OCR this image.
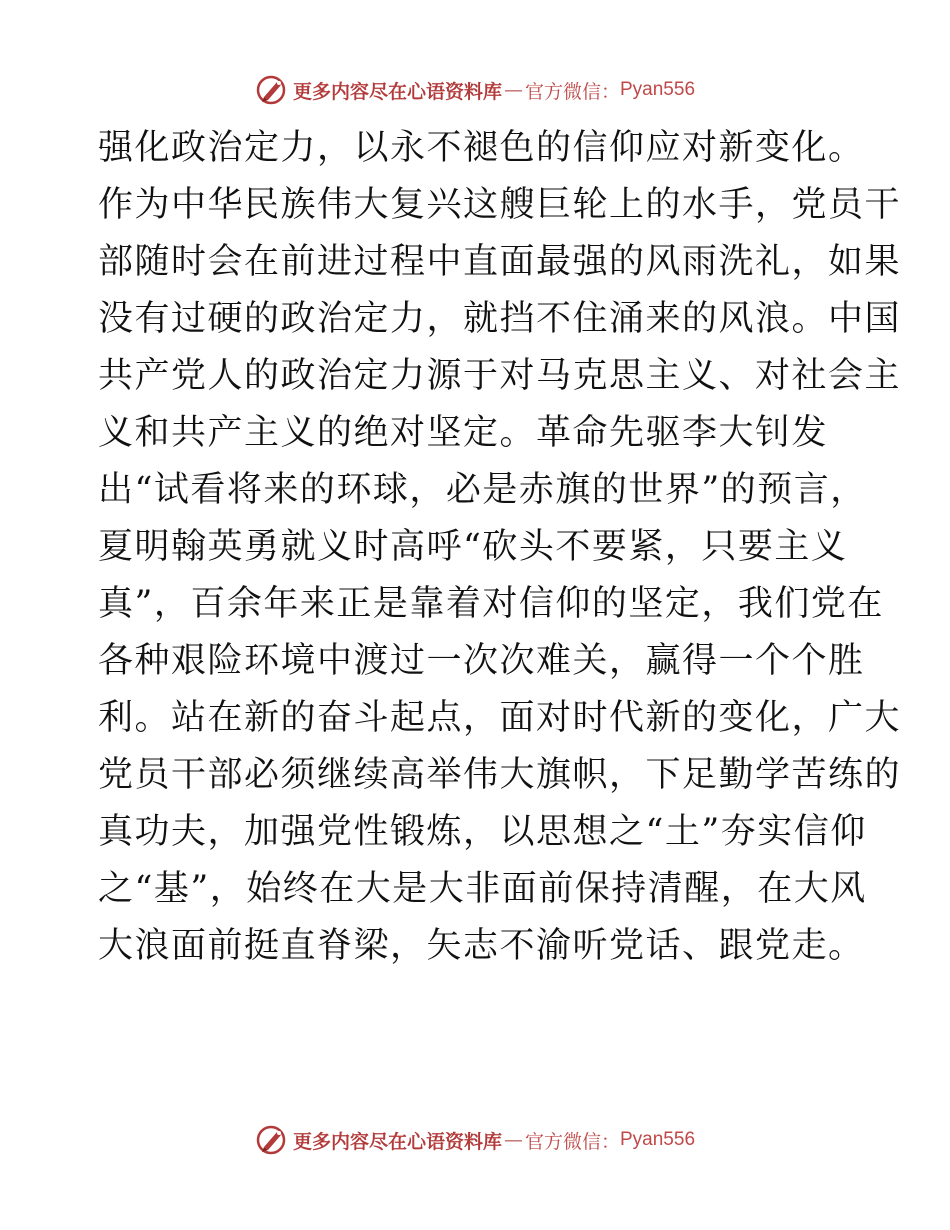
更多内容尽在心语资料库 — 官方微信： Pyan556
强化政治定力，以永不褪色的信仰应对新变化。
作为中华民族伟大复兴这艘巨轮上的水手，党员干
部随时会在前进过程中直面最强的风雨洗礼，如果
没有过硬的政治定力，就挡不住涌来的风浪。中国
共产党人的政治定力源于对马克思主义、对社会主
义和共产主义的绝对坚定。革命先驱李大钊发
出“试看将来的环球，必是赤旗的世界”的预言，
夏明翰英勇就义时高呼“砍头不要紧，只要主义
真”，百余年来正是靠着对信仰的坚定，我们党在
各种艰险环境中渡过一次次难关，赢得一个个胜
利。站在新的奋斗起点，面对时代新的变化，广大
党员干部必须继续高举伟大旗帜，下足勤学苦练的
真功夫，加强党性锻炼，以思想之“土”夯实信仰
之“基”，始终在大是大非面前保持清醒，在大风
大浪面前挺直脊梁，矢志不渝听党话、跟党走。
更多内容尽在心语资料库 — 官方微信： Pyan556
